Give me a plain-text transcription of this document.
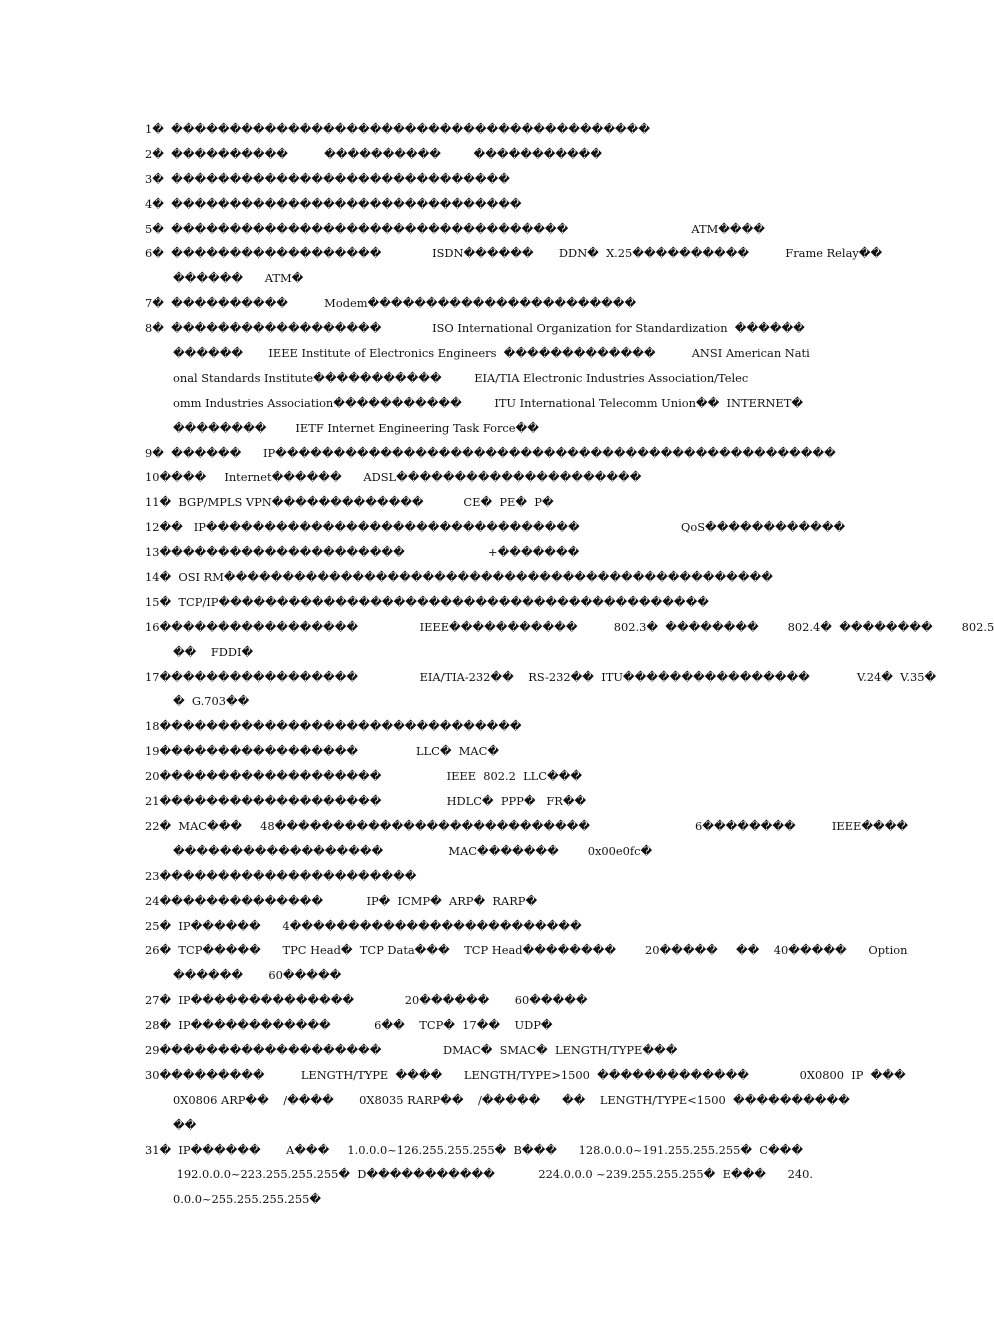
1�  �����������������������������������������
2�  ����������          ����������         �����������
3�  �����������������������������
4�  ������������������������������
5�  ����������������������������������                                  ATM����
6�  ������������������              ISDN������       DDN�  X.25����������          Frame Relay��
������      ATM�
7�  ����������          Modem�����������������������
8�  ������������������              ISO International Organization for Standardization  ������
������       IEEE Institute of Electronics Engineers  �������������          ANSI American Nati
onal Standards Institute�����������         EIA/TIA Electronic Industries Association/Telec
omm Industries Association�����������         ITU International Telecomm Union��  INTERNET�
��������        IETF Internet Engineering Task Force��
9�  ������      IP������������������������������������������������
10����     Internet������      ADSL���������������������
11�  BGP/MPLS VPN�������������           CE�  PE�  P�
12��   IP��������������������������������                            QoS������������
13���������������������                       +�������
14�  OSI RM�����������������������������������������������
15�  TCP/IP������������������������������������������
16�����������������                 IEEE�����������          802.3�  ��������        802.4�  ��������        802.5
��    FDDI�
17�����������������                 EIA/TIA-232��    RS-232��  ITU����������������             V.24�  V.35�
�  G.703��
18�������������������������������
19�����������������                LLC�  MAC�
20�������������������                  IEEE  802.2  LLC���
21�������������������                  HDLC�  PPP�   FR��
22�  MAC���     48���������������������������                             6��������          IEEE����
������������������                  MAC�������        0x00e0fc�
23����������������������
24��������������            IP�  ICMP�  ARP�  RARP�
25�  IP������      4�������������������������
26�  TCP�����      TPC Head�  TCP Data���    TCP Head��������        20�����     ��    40�����      Option
������       60�����
27�  IP��������������              20������       60�����
28�  IP������������            6��    TCP�  17��    UDP�
29�������������������                 DMAC�  SMAC�  LENGTH/TYPE���
30���������          LENGTH/TYPE  ����      LENGTH/TYPE>1500  �������������              0X0800  IP  ���
0X0806 ARP��    /����       0X8035 RARP��    /�����      ��    LENGTH/TYPE<1500  ����������
��
31�  IP������       A���     1.0.0.0~126.255.255.255�  B���      128.0.0.0~191.255.255.255�  C���
192.0.0.0~223.255.255.255�  D�����������            224.0.0.0 ~239.255.255.255�  E���      240.
0.0.0~255.255.255.255�
